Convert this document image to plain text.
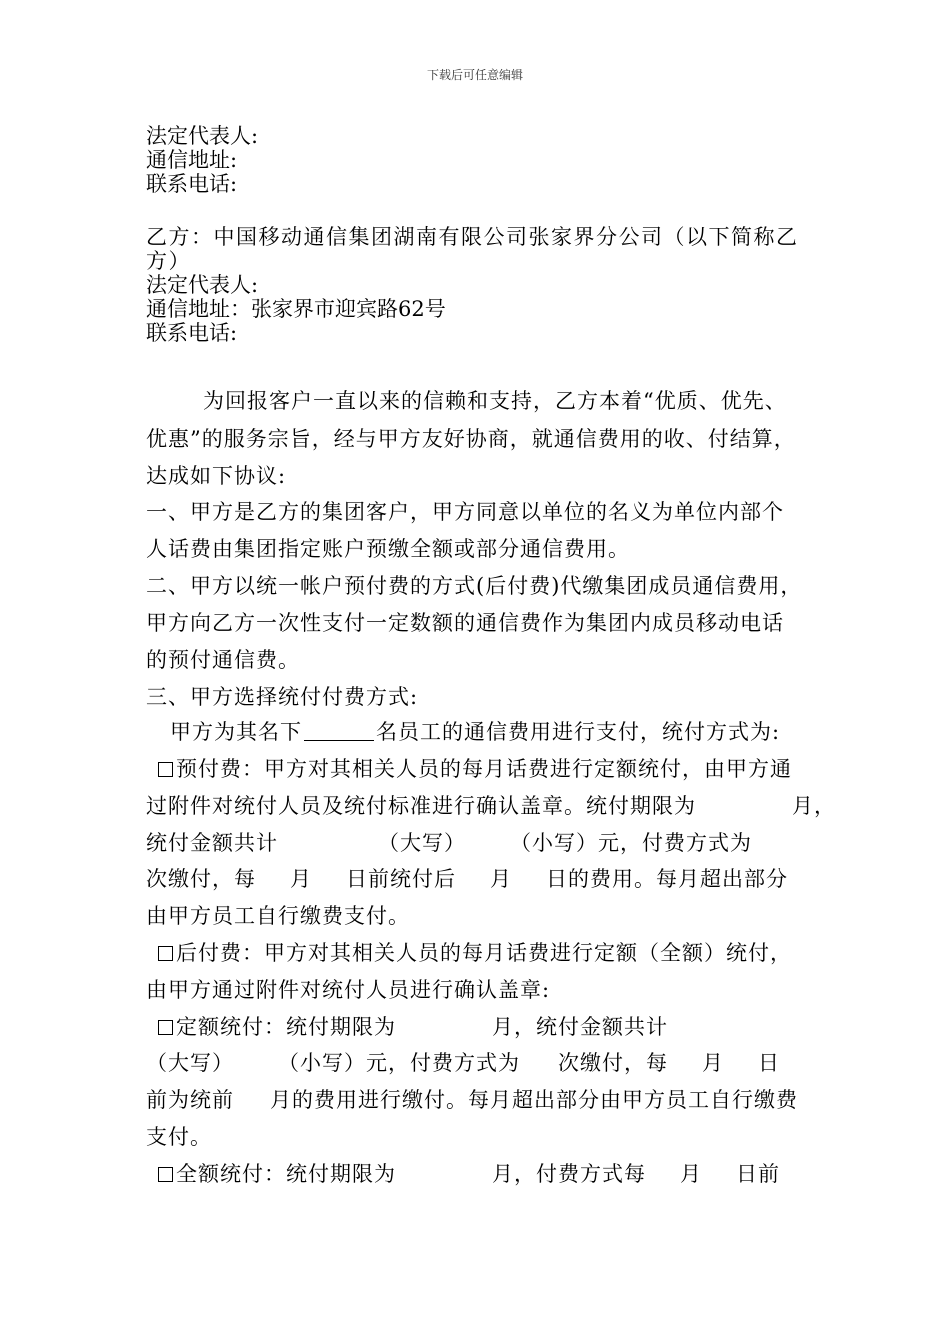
下载后可任意编辑
法定代表人:
通信地址:
联系电话:
乙方：中国移动通信集团湖南有限公司张家界分公司（以下简称乙
方）
法定代表人:
通信地址：张家界市迎宾路62号
联系电话:
为回报客户一直以来的信赖和支持，乙方本着“优质、优先、
优惠”的服务宗旨，经与甲方友好协商，就通信费用的收、付结算，
达成如下协议:
一、甲方是乙方的集团客户，甲方同意以单位的名义为单位内部个
人话费由集团指定账户预缴全额或部分通信费用。
二、甲方以统一帐户预付费的方式(后付费)代缴集团成员通信费用，
甲方向乙方一次性支付一定数额的通信费作为集团内成员移动电话
的预付通信费。
三、甲方选择统付付费方式:
甲方为其名下	名员工的通信费用进行支付，统付方式为:
预付费：甲方对其相关人员的每月话费进行定额统付，由甲方通
过附件对统付人员及统付标准进行确认盖章。统付期限为	月，
统付金额共计	（大写） （小写）元，付费方式为
次缴付，每 月 日前统付后 月 日的费用。每月超出部分
由甲方员工自行缴费支付。
后付费：甲方对其相关人员的每月话费进行定额（全额）统付，
由甲方通过附件对统付人员进行确认盖章:
定额统付：统付期限为	月，统付金额共计
（大写） （小写）元，付费方式为 次缴付，每 月 日
前为统前 月的费用进行缴付。每月超出部分由甲方员工自行缴费
支付。
全额统付：统付期限为	月，付费方式每 月 日前
